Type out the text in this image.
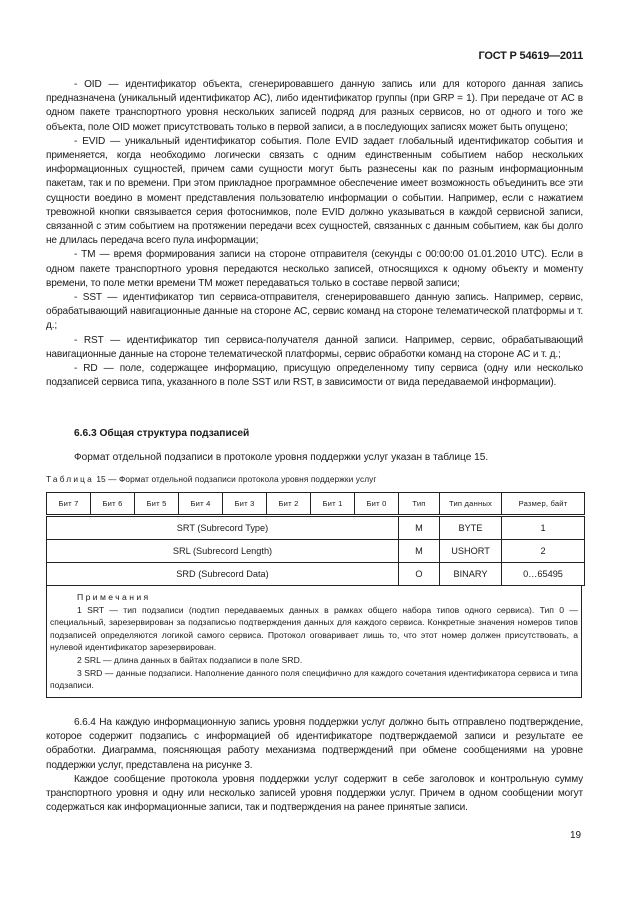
ГОСТ Р 54619—2011

- OID — идентификатор объекта, сгенерировавшего данную запись или для которого данная запись предназначена (уникальный идентификатор АС), либо идентификатор группы (при GRP = 1). При передаче от АС в одном пакете транспортного уровня нескольких записей подряд для разных сервисов, но от одного и того же объекта, поле OID может присутствовать только в первой записи, а в последующих записях может быть опущено;

- EVID — уникальный идентификатор события. Поле EVID задает глобальный идентификатор события и применяется, когда необходимо логически связать с одним единственным событием набор нескольких информационных сущностей, причем сами сущности могут быть разнесены как по разным информационным пакетам, так и по времени. При этом прикладное программное обеспечение имеет возможность объединить все эти сущности воедино в момент представления пользователю информации о событии. Например, если с нажатием тревожной кнопки связывается серия фотоснимков, поле EVID должно указываться в каждой сервисной записи, связанной с этим событием на протяжении передачи всех сущностей, связанных с данным событием, как бы долго не длилась передача всего пула информации;

- TM — время формирования записи на стороне отправителя (секунды с 00:00:00 01.01.2010 UTC). Если в одном пакете транспортного уровня передаются несколько записей, относящихся к одному объекту и моменту времени, то поле метки времени TM может передаваться только в составе первой записи;

- SST — идентификатор тип сервиса-отправителя, сгенерировавшего данную запись. Например, сервис, обрабатывающий навигационные данные на стороне АС, сервис команд на стороне телематической платформы и т. д.;

- RST — идентификатор тип сервиса-получателя данной записи. Например, сервис, обрабатывающий навигационные данные на стороне телематической платформы, сервис обработки команд на стороне АС и т. д.;

- RD — поле, содержащее информацию, присущую определенному типу сервиса (одну или несколько подзаписей сервиса типа, указанного в поле SST или RST, в зависимости от вида передаваемой информации).

6.6.3 Общая структура подзаписей
Формат отдельной подзаписи в протоколе уровня поддержки услуг указан в таблице 15.
Таблица 15 — Формат отдельной подзаписи протокола уровня поддержки услуг
Бит 7	Бит 6	Бит 5	Бит 4	Бит 3	Бит 2	Бит 1	Бит 0	Тип	Тип данных	Размер, байт
SRT (Subrecord Type)								M	BYTE	1
SRL (Subrecord Length)								M	USHORT	2
SRD (Subrecord Data)								O	BINARY	0…65495

Примечания

1 SRT — тип подзаписи (подтип передаваемых данных в рамках общего набора типов одного сервиса). Тип 0 — специальный, зарезервирован за подзаписью подтверждения данных для каждого сервиса. Конкретные значения номеров типов подзаписей определяются логикой самого сервиса. Протокол оговаривает лишь то, что этот номер должен присутствовать, а нулевой идентификатор зарезервирован.

2 SRL — длина данных в байтах подзаписи в поле SRD.

3 SRD — данные подзаписи. Наполнение данного поля специфично для каждого сочетания идентификатора сервиса и типа подзаписи.

6.6.4 На каждую информационную запись уровня поддержки услуг должно быть отправлено подтверждение, которое содержит подзапись с информацией об идентификаторе подтверждаемой записи и результате ее обработки. Диаграмма, поясняющая работу механизма подтверждений при обмене сообщениями на уровне поддержки услуг, представлена на рисунке 3.

Каждое сообщение протокола уровня поддержки услуг содержит в себе заголовок и контрольную сумму транспортного уровня и одну или несколько записей уровня поддержки услуг. Причем в одном сообщении могут содержаться как информационные записи, так и подтверждения на ранее принятые записи.

19
